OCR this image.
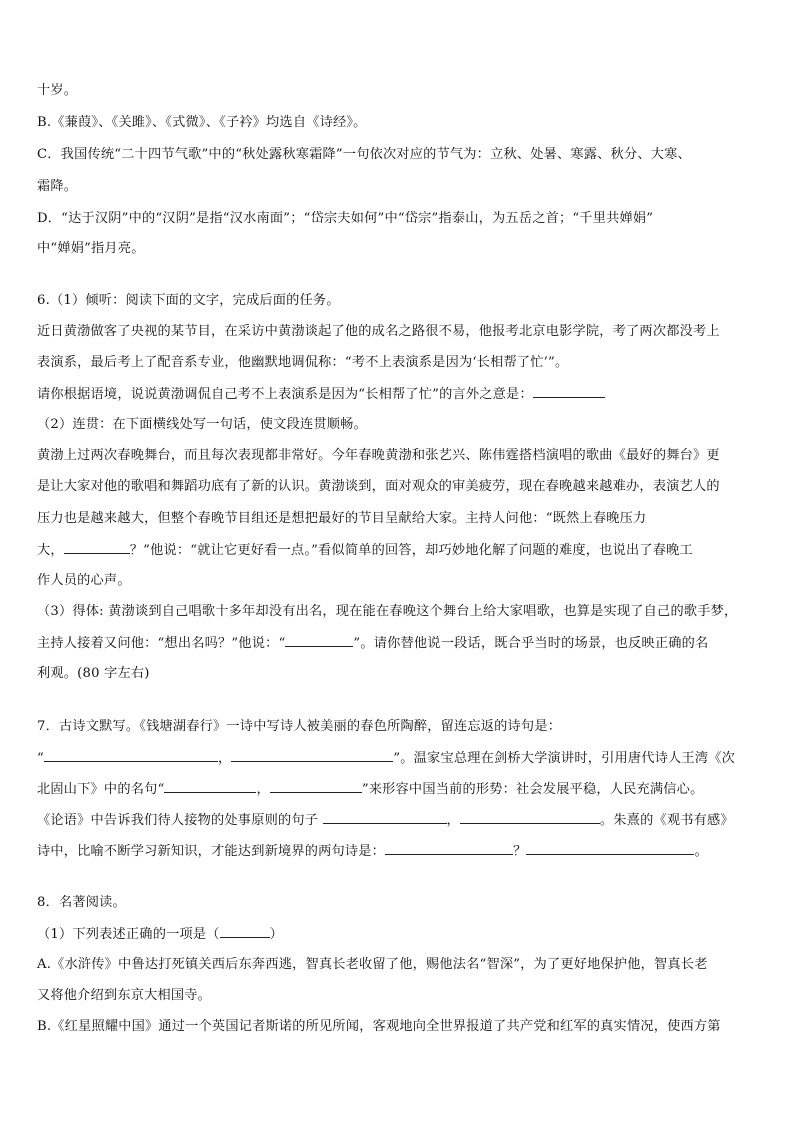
十岁。
B.《蒹葭》、《关雎》、《式微》、《子衿》均选自《诗经》。
C．我国传统“二十四节气歌”中的“秋处露秋寒霜降”一句依次对应的节气为：立秋、处暑、寒露、秋分、大寒、
霜降。
D．“达于汉阴”中的“汉阴”是指“汉水南面”；“岱宗夫如何”中“岱宗”指泰山，为五岳之首；“千里共婵娟”
中“婵娟”指月亮。
6.（1）倾听：阅读下面的文字，完成后面的任务。
近日黄渤做客了央视的某节目，在采访中黄渤谈起了他的成名之路很不易，他报考北京电影学院，考了两次都没考上
表演系，最后考上了配音系专业，他幽默地调侃称：“考不上表演系是因为‘长相帮了忙’”。
请你根据语境，说说黄渤调侃自己考不上表演系是因为“长相帮了忙”的言外之意是：
（2）连贯：在下面横线处写一句话，使文段连贯顺畅。
黄渤上过两次春晚舞台，而且每次表现都非常好。今年春晚黄渤和张艺兴、陈伟霆搭档演唱的歌曲《最好的舞台》更
是让大家对他的歌唱和舞蹈功底有了新的认识。黄渤谈到，面对观众的审美疲劳，现在春晚越来越难办，表演艺人的
压力也是越来越大，但整个春晚节目组还是想把最好的节目呈献给大家。主持人问他：“既然上春晚压力
大，	？”他说：“就让它更好看一点。”看似简单的回答，却巧妙地化解了问题的难度，也说出了春晚工
作人员的心声。
（3）得体: 黄渤谈到自己唱歌十多年却没有出名，现在能在春晚这个舞台上给大家唱歌，也算是实现了自己的歌手梦，
主持人接着又问他：“想出名吗？”他说：“	”。请你替他说一段话，既合乎当时的场景，也反映正确的名
利观。(80 字左右)
7．古诗文默写。《钱塘湖春行》一诗中写诗人被美丽的春色所陶醉，留连忘返的诗句是：
“	，	”。温家宝总理在剑桥大学演讲时，引用唐代诗人王湾《次
北固山下》中的名句“	，	”来形容中国当前的形势：社会发展平稳，人民充满信心。
《论语》中告诉我们待人接物的处事原则的句子	，	。朱熹的《观书有感》
诗中，比喻不断学习新知识，才能达到新境界的两句诗是：	？	。
8．名著阅读。
（1）下列表述正确的一项是（	）
A.《水浒传》中鲁达打死镇关西后东奔西逃，智真长老收留了他，赐他法名“智深”，为了更好地保护他，智真长老
又将他介绍到东京大相国寺。
B.《红星照耀中国》通过一个英国记者斯诺的所见所闻，客观地向全世界报道了共产党和红军的真实情况，使西方第
